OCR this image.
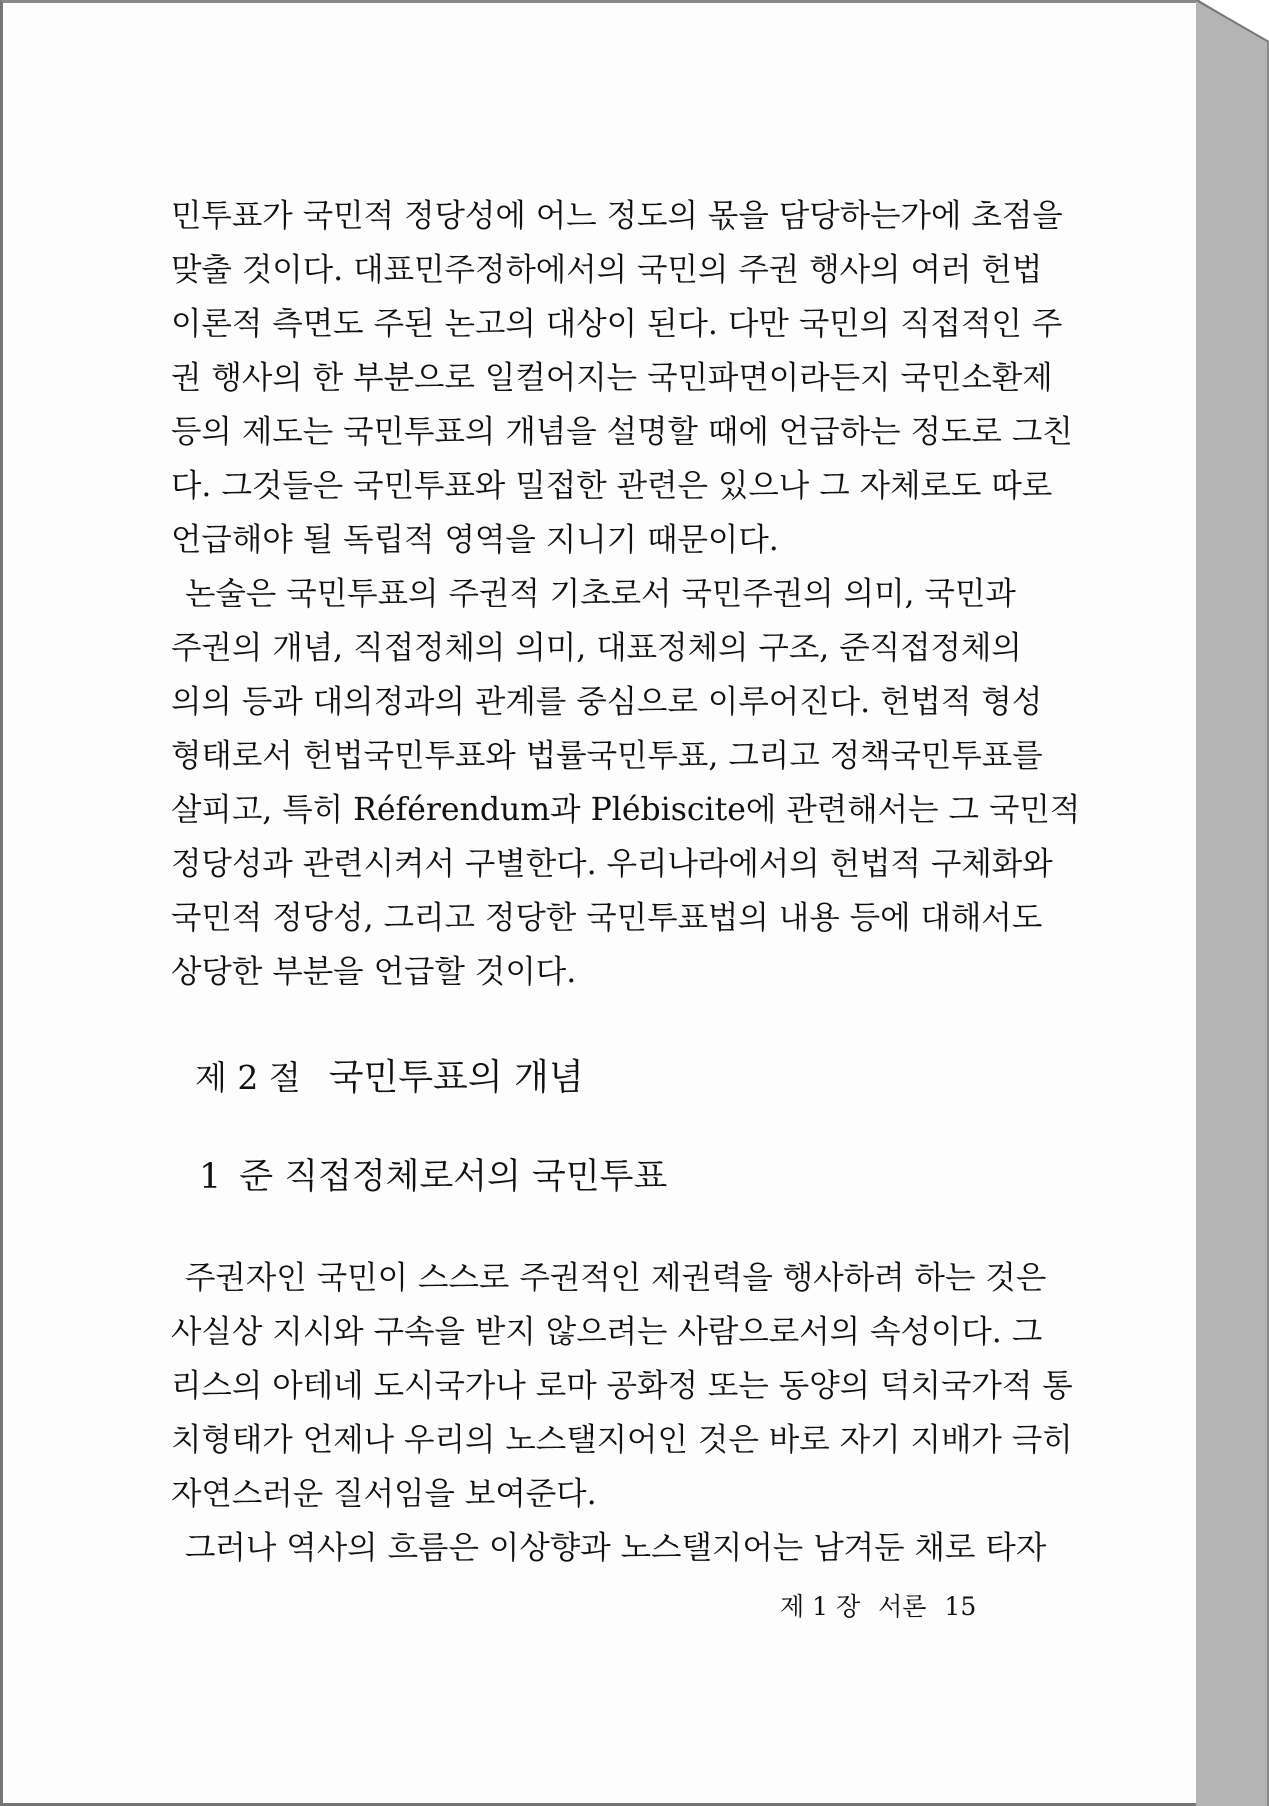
민투표가 국민적 정당성에 어느 정도의 몫을 담당하는가에 초점을
맞출 것이다. 대표민주정하에서의 국민의 주권 행사의 여러 헌법
이론적 측면도 주된 논고의 대상이 된다. 다만 국민의 직접적인 주
권 행사의 한 부분으로 일컬어지는 국민파면이라든지 국민소환제
등의 제도는 국민투표의 개념을 설명할 때에 언급하는 정도로 그친
다. 그것들은 국민투표와 밀접한 관련은 있으나 그 자체로도 따로
언급해야 될 독립적 영역을 지니기 때문이다.
논술은 국민투표의 주권적 기초로서 국민주권의 의미, 국민과
주권의 개념, 직접정체의 의미, 대표정체의 구조, 준직접정체의
의의 등과 대의정과의 관계를 중심으로 이루어진다. 헌법적 형성
형태로서 헌법국민투표와 법률국민투표, 그리고 정책국민투표를
살피고, 특히 Référendum과 Plébiscite에 관련해서는 그 국민적
정당성과 관련시켜서 구별한다. 우리나라에서의 헌법적 구체화와
국민적 정당성, 그리고 정당한 국민투표법의 내용 등에 대해서도
상당한 부분을 언급할 것이다.
제 2 절 국민투표의 개념
1 준 직접정체로서의 국민투표
주권자인 국민이 스스로 주권적인 제권력을 행사하려 하는 것은
사실상 지시와 구속을 받지 않으려는 사람으로서의 속성이다. 그
리스의 아테네 도시국가나 로마 공화정 또는 동양의 덕치국가적 통
치형태가 언제나 우리의 노스탤지어인 것은 바로 자기 지배가 극히
자연스러운 질서임을 보여준다.
그러나 역사의 흐름은 이상향과 노스탤지어는 남겨둔 채로 타자
제 1 장 서론 15
